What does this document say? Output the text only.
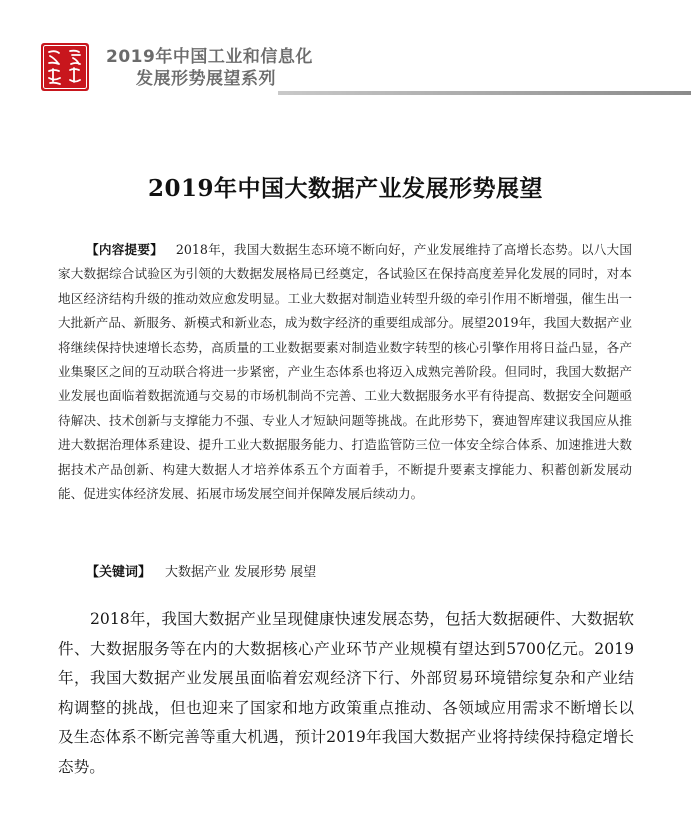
2019年中国工业和信息化
发展形势展望系列
2019年中国大数据产业发展形势展望
【内容提要】 2018年，我国大数据生态环境不断向好，产业发展维持了高增长态势。以八大国家大数据综合试验区为引领的大数据发展格局已经奠定，各试验区在保持高度差异化发展的同时，对本地区经济结构升级的推动效应愈发明显。工业大数据对制造业转型升级的牵引作用不断增强，催生出一大批新产品、新服务、新模式和新业态，成为数字经济的重要组成部分。展望2019年，我国大数据产业将继续保持快速增长态势，高质量的工业数据要素对制造业数字转型的核心引擎作用将日益凸显，各产业集聚区之间的互动联合将进一步紧密，产业生态体系也将迈入成熟完善阶段。但同时，我国大数据产业发展也面临着数据流通与交易的市场机制尚不完善、工业大数据服务水平有待提高、数据安全问题亟待解决、技术创新与支撑能力不强、专业人才短缺问题等挑战。在此形势下，赛迪智库建议我国应从推进大数据治理体系建设、提升工业大数据服务能力、打造监管防三位一体安全综合体系、加速推进大数据技术产品创新、构建大数据人才培养体系五个方面着手，不断提升要素支撑能力、积蓄创新发展动能、促进实体经济发展、拓展市场发展空间并保障发展后续动力。
【关键词】 大数据产业 发展形势 展望
2018年，我国大数据产业呈现健康快速发展态势，包括大数据硬件、大数据软件、大数据服务等在内的大数据核心产业环节产业规模有望达到5700亿元。2019年，我国大数据产业发展虽面临着宏观经济下行、外部贸易环境错综复杂和产业结构调整的挑战，但也迎来了国家和地方政策重点推动、各领域应用需求不断增长以及生态体系不断完善等重大机遇，预计2019年我国大数据产业将持续保持稳定增长态势。
